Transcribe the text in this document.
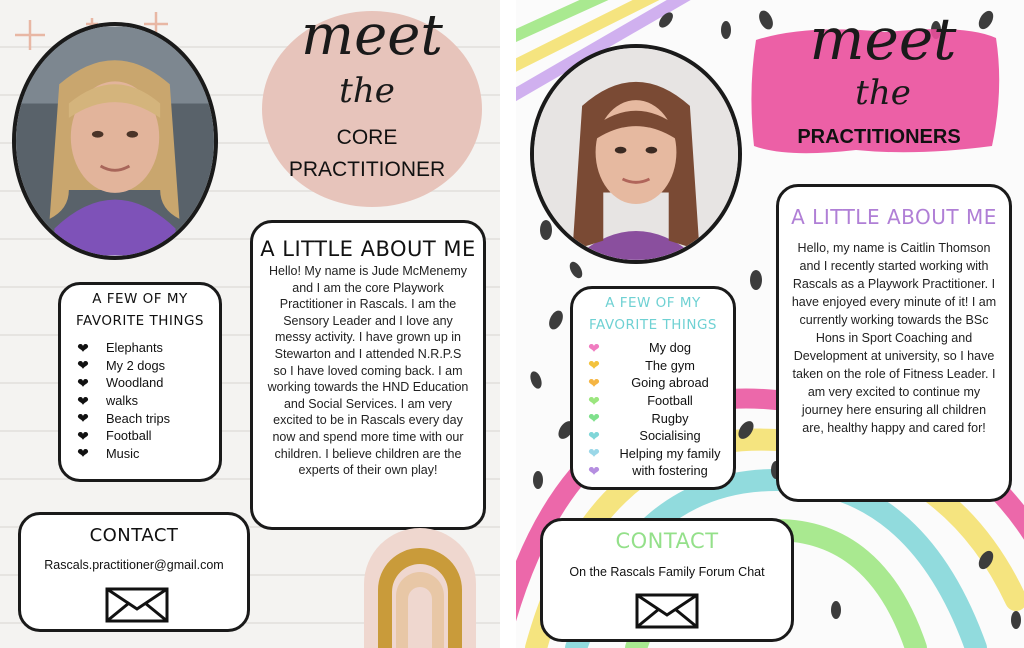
meet
the
CORE
PRACTITIONER
A LITTLE ABOUT ME
Hello! My name is Jude McMenemy and I am the core Playwork Practitioner in Rascals. I am the Sensory Leader and I love any messy activity. I have grown up in Stewarton and I attended N.R.P.S so I have loved coming back. I am working towards the HND Education and Social Services. I am very excited to be in Rascals every day now and spend more time with our children. I believe children are the experts of their own play!
A FEW OF MY
FAVORITE THINGS
❤ Elephants
❤ My 2 dogs
❤ Woodland
❤ walks
❤ Beach trips
❤ Football
❤ Music
CONTACT
Rascals.practitioner@gmail.com
meet
the
PRACTITIONERS
A LITTLE ABOUT ME
Hello, my name is Caitlin Thomson and I recently started working with Rascals as a Playwork Practitioner. I have enjoyed every minute of it! I am currently working towards the BSc Hons in Sport Coaching and Development at university, so I have taken on the role of Fitness Leader. I am very excited to continue my journey here ensuring all children are, healthy happy and cared for!
A FEW OF MY
FAVORITE THINGS
❤	My dog
❤	The gym
❤	Going abroad
❤	Football
❤	Rugby
❤	Socialising
❤ Helping my family
❤	with fostering
CONTACT
On the Rascals Family Forum Chat
